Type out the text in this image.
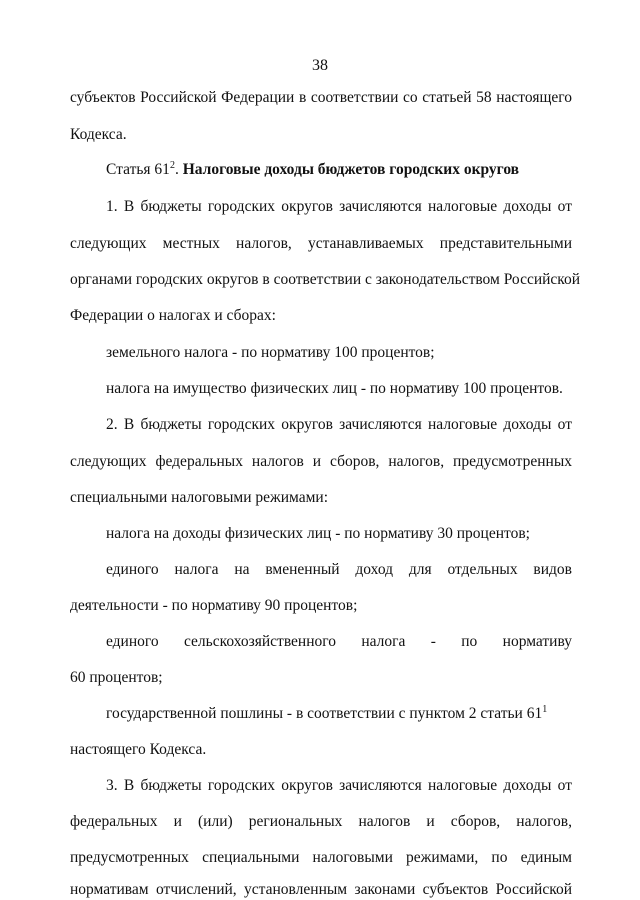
38
субъектов Российской Федерации в соответствии со статьей 58 настоящего
Кодекса.
Статья $61^2$. Налоговые доходы бюджетов городских округов
1. В бюджеты городских округов зачисляются налоговые доходы от
следующих местных налогов, устанавливаемых представительными
органами городских округов в соответствии с законодательством Российской
Федерации о налогах и сборах:
земельного налога - по нормативу 100 процентов;
налога на имущество физических лиц - по нормативу 100 процентов.
2. В бюджеты городских округов зачисляются налоговые доходы от
следующих федеральных налогов и сборов, налогов, предусмотренных
специальными налоговыми режимами:
налога на доходы физических лиц - по нормативу 30 процентов;
единого налога на вмененный доход для отдельных видов
деятельности - по нормативу 90 процентов;
единого сельскохозяйственного налога - по нормативу
60 процентов;
государственной пошлины - в соответствии с пунктом 2 статьи $61^1$
настоящего Кодекса.
3. В бюджеты городских округов зачисляются налоговые доходы от
федеральных и (или) региональных налогов и сборов, налогов,
предусмотренных специальными налоговыми режимами, по единым
нормативам отчислений, установленным законами субъектов Российской
